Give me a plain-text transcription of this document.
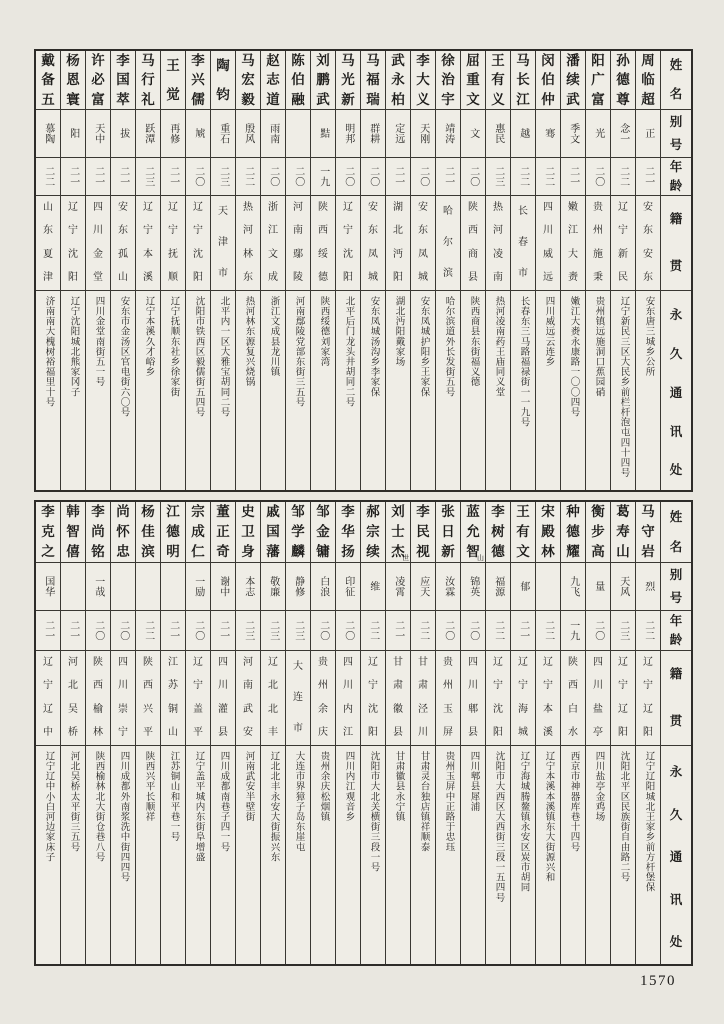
姓
名
别
号
年
龄
籍
贯
永
久
通
讯
处
周
临
超
正
二一
安
东
安
东
安东唐三城乡公所
孙
德
尊
念一
二二
辽
宁
新
民
辽宁新民三区大民乡前栏杆泡屯四十四号
阳
广
富
光
二〇
贵
州
施
秉
贵州镇远施洞口蕉园硝
潘
续
武
季文
二一
嫩
江
大
赉
嫩江大赉永康路一〇〇四号
闵
伯
仲
骞
二二
四
川
威
远
四川威远云连乡
马
长
江
越
二二
长
春
市
长春东三马路福禄街一一九号
王
有
义
惠民
二三
热
河
凌
南
热河凌南药王庙同义堂
屈
重
文
文
二〇
陕
西
商
县
陕西商县东街福义德
徐
治
宇
靖涛
二一
哈
尔
滨
哈尔滨道外长发街五号
李
大
义
天刚
二〇
安
东
凤
城
安东凤城护阳乡王家保
武
永
柏
定远
二一
湖
北
沔
阳
湖北沔阳戴家场
马
福
瑞
群耕
二〇
安
东
凤
城
安东凤城汤沟乡李家保
马
光
新
明邦
二〇
辽
宁
沈
阳
北平后门龙头井胡同二号
刘
鹏
武
黠
一九
陕
西
绥
德
陕西绥德刘家湾
陈
伯
融
二〇
河
南
鄢
陵
河南鄢陵党部东街三五号
赵
志
道
雨南
二〇
浙
江
文
成
浙江文成县龙川镇
马
宏
毅
殷风
二二
热
河
林
东
热河林东源复兴烧锅
陶
钧
重石
二三
天
津
市
北平内一区大雅宝胡同二号
李
兴
儒
虓
二〇
辽
宁
沈
阳
沈阳市铁西区毅儒街五四号
王
觉
再修
二一
辽
宁
抚
顺
辽宁抚顺东社乡徐家街
马
行
礼
跃潭
二三
辽
宁
本
溪
辽宁本溪久才峪乡
李
国
萃
拔
二一
安
东
孤
山
安东市金汤区官电街六〇号
许
必
富
天中
二一
四
川
金
堂
四川金堂南街五一号
杨
恩
寰
阳
二一
辽
宁
沈
阳
辽宁沈阳城北熊家冈子
戴
备
五
慕陶
二二
山
东
夏
津
济南南大槐树裕福里十号
姓
名
别
号
年
龄
籍
贯
永
久
通
讯
处
马
守
岩
烈
二二
辽
宁
辽
阳
辽宁辽阳城北王家乡前方杆堡保
葛
寿
山
天风
二三
辽
宁
辽
阳
沈阳北平区民族街自由路二号
衡
步
高
量
二〇
四
川
盐
亭
四川盐亭金鸡场
种
德
耀
九飞
一九
陕
西
白
水
西京市神器库巷十四号
宋
殿
林
二二
辽
宁
本
溪
辽宁本溪本溪镇东大街源兴和
王
有
文
郁
二一
辽
宁
海
城
辽宁海城腾鳌镇永安区炭市胡同
李
树
德
福源
二二
辽
宁
沈
阳
沈阳市大西区大西街三段一五四号
蓝
允
智
山
锦英
二〇
四
川
郫
县
四川郫县犀浦
张
日
新
汝霖
二〇
贵
州
玉
屏
贵州玉屏中正路于忠珏
李
民
视
应天
二二
甘
肃
泾
川
甘肃灵台独店镇祥顺泰
刘
士
杰
世
凌霄
二一
甘
肃
徽
县
甘肃徽县永宁镇
郝
宗
续
维
二二
辽
宁
沈
阳
沈阳市大北关横街三段一号
李
华
扬
印征
二〇
四
川
内
江
四川内江观音乡
邹
金
镛
白浪
二〇
贵
州
余
庆
贵州余庆松烟镇
邹
学
麟
静修
二三
大
连
市
大连市界獐子岛东崖屯
戚
国
藩
敬廉
二三
辽
北
北
丰
辽北北丰永安大街振兴东
史
卫
身
本志
二三
河
南
武
安
河南武安半壁街
董
正
奇
谢中
二一
四
川
灌
县
四川成都南巷子四一号
宗
成
仁
一励
二〇
辽
宁
盖
平
辽宁盖平城内东街阜增盛
江
德
明
二一
江
苏
铜
山
江苏铜山和平巷一号
杨
佳
滨
二二
陕
西
兴
平
陕西兴平长顺祥
尚
怀
忠
二〇
四
川
崇
宁
四川成都外南浆洗中街四四号
李
尚
铭
一哉
二〇
陕
西
榆
林
陕西榆林北大街仓巷八号
韩
智
僖
二一
河
北
吴
桥
河北吴桥太平街三五号
李
克
之
国华
二一
辽
宁
辽
中
辽宁辽中小白河边家床子
1570
